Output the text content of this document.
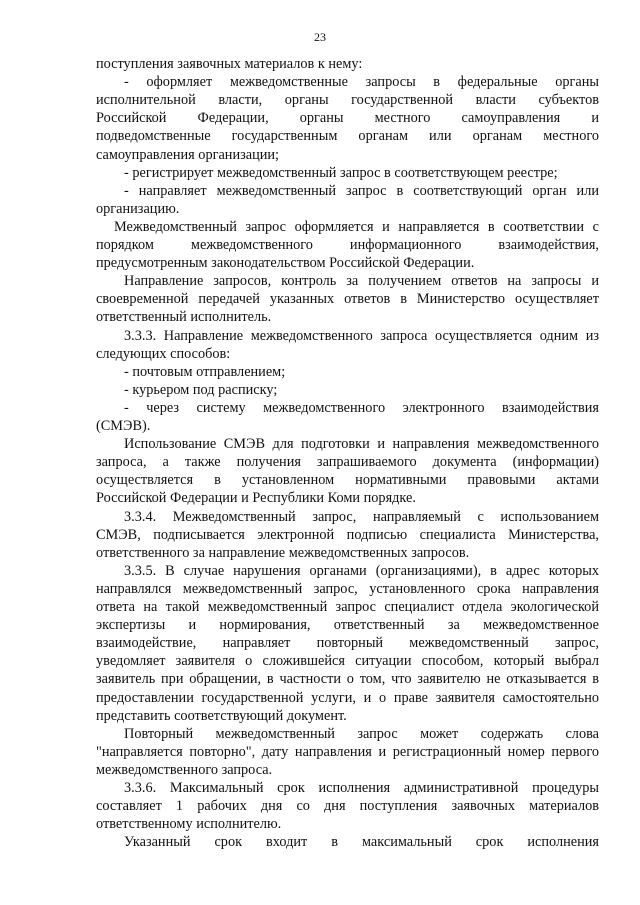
23
поступления заявочных материалов к нему:
- оформляет межведомственные запросы в федеральные органы
исполнительной власти, органы государственной власти субъектов
Российской Федерации, органы местного самоуправления и
подведомственные государственным органам или органам местного
самоуправления организации;
- регистрирует межведомственный запрос в соответствующем реестре;
- направляет межведомственный запрос в соответствующий орган или
организацию.
Межведомственный запрос оформляется и направляется в соответствии с
порядком межведомственного информационного взаимодействия,
предусмотренным законодательством Российской Федерации.
Направление запросов, контроль за получением ответов на запросы и
своевременной передачей указанных ответов в Министерство осуществляет
ответственный исполнитель.
3.3.3. Направление межведомственного запроса осуществляется одним из
следующих способов:
- почтовым отправлением;
- курьером под расписку;
- через систему межведомственного электронного взаимодействия
(СМЭВ).
Использование СМЭВ для подготовки и направления межведомственного
запроса, а также получения запрашиваемого документа (информации)
осуществляется в установленном нормативными правовыми актами
Российской Федерации и Республики Коми порядке.
3.3.4. Межведомственный запрос, направляемый с использованием
СМЭВ, подписывается электронной подписью специалиста Министерства,
ответственного за направление межведомственных запросов.
3.3.5. В случае нарушения органами (организациями), в адрес которых
направлялся межведомственный запрос, установленного срока направления
ответа на такой межведомственный запрос специалист отдела экологической
экспертизы и нормирования, ответственный за межведомственное
взаимодействие, направляет повторный межведомственный запрос,
уведомляет заявителя о сложившейся ситуации способом, который выбрал
заявитель при обращении, в частности о том, что заявителю не отказывается в
предоставлении государственной услуги, и о праве заявителя самостоятельно
представить соответствующий документ.
Повторный межведомственный запрос может содержать слова
"направляется повторно", дату направления и регистрационный номер первого
межведомственного запроса.
3.3.6. Максимальный срок исполнения административной процедуры
составляет 1 рабочих дня со дня поступления заявочных материалов
ответственному исполнителю.
Указанный срок входит в максимальный срок исполнения
